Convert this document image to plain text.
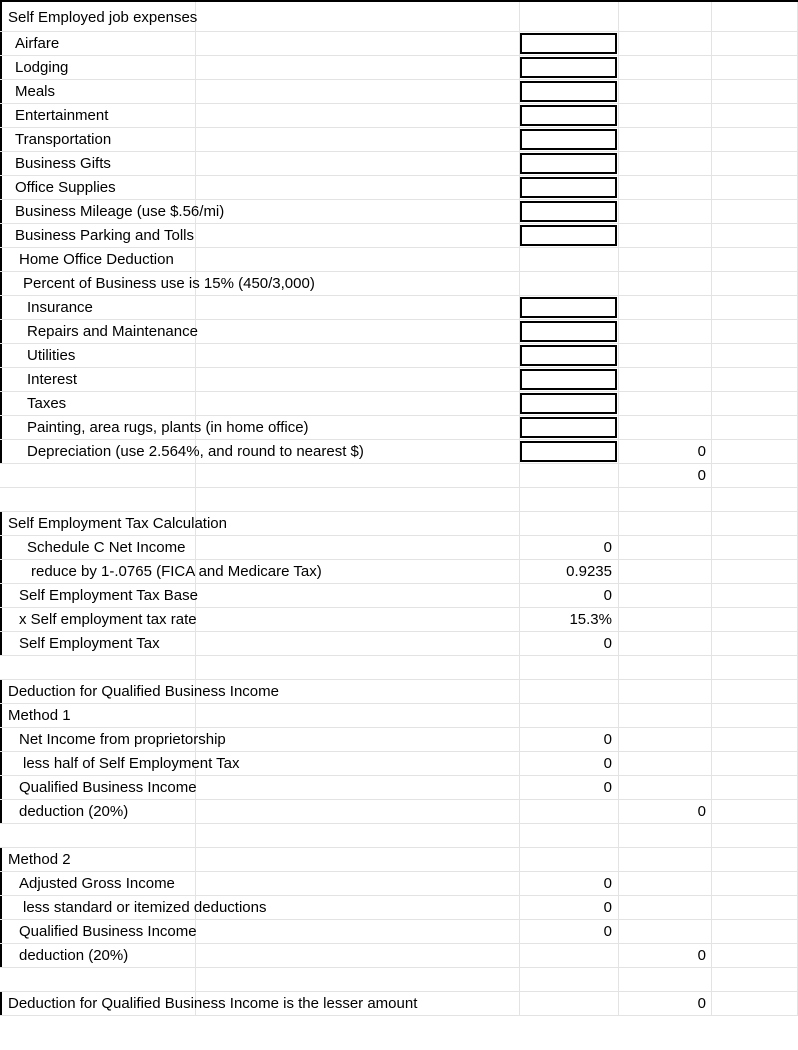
Self Employed job expenses
Airfare
Lodging
Meals
Entertainment
Transportation
Business Gifts
Office Supplies
Business Mileage (use $.56/mi)
Business Parking and Tolls
Home Office Deduction
Percent of Business use is 15% (450/3,000)
Insurance
Repairs and Maintenance
Utilities
Interest
Taxes
Painting, area rugs, plants (in home office)
Depreciation (use 2.564%, and round to nearest $)	0
0
Self Employment Tax Calculation
Schedule C Net Income	0
reduce by 1-.0765 (FICA and Medicare Tax)	0.9235
Self Employment Tax Base	0
x Self employment tax rate	15.3%
Self Employment Tax	0
Deduction for Qualified Business Income
Method 1
Net Income from proprietorship	0
less half of Self Employment Tax	0
Qualified Business Income	0
deduction (20%)	0
Method 2
Adjusted Gross Income	0
less standard or itemized deductions	0
Qualified Business Income	0
deduction (20%)	0
Deduction for Qualified Business Income is the lesser amount	0
